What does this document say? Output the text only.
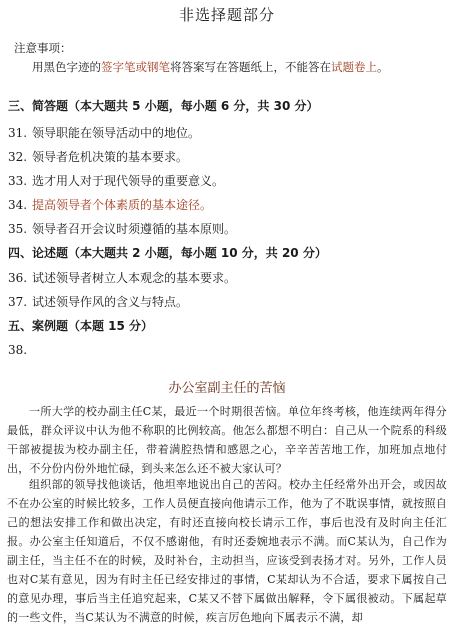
非选择题部分
注意事项：
用黑色字迹的签字笔或钢笔将答案写在答题纸上，不能答在试题卷上。
三、简答题（本大题共 5 小题，每小题 6 分，共 30 分）
31. 领导职能在领导活动中的地位。
32. 领导者危机决策的基本要求。
33. 选才用人对于现代领导的重要意义。
34. 提高领导者个体素质的基本途径。
35. 领导者召开会议时须遵循的基本原则。
四、论述题（本大题共 2 小题，每小题 10 分，共 20 分）
36. 试述领导者树立人本观念的基本要求。
37. 试述领导作风的含义与特点。
五、案例题（本题 15 分）
38.
办公室副主任的苦恼
一所大学的校办副主任C某，最近一个时期很苦恼。单位年终考核，他连续两年得分最低，群众评议中认为他不称职的比例较高。他怎么都想不明白：自己从一个院系的科级干部被提拔为校办副主任，带着满腔热情和感恩之心，辛辛苦苦地工作，加班加点地付出，不分份内份外地忙碌，到头来怎么还不被大家认可？
组织部的领导找他谈话，他坦率地说出自己的苦闷。校办主任经常外出开会，或因故不在办公室的时候比较多，工作人员便直接向他请示工作，他为了不耽误事情，就按照自己的想法安排工作和做出决定，有时还直接向校长请示工作，事后也没有及时向主任汇报。办公室主任知道后，不仅不感谢他，有时还委婉地表示不满。而C某认为，自己作为副主任，当主任不在的时候，及时补台，主动担当，应该受到表扬才对。另外，工作人员也对C某有意见，因为有时主任已经安排过的事情，C某却认为不合适，要求下属按自己的意见办理，事后当主任追究起来，C某又不替下属做出解释，令下属很被动。下属起草的一些文件，当C某认为不满意的时候，疾言厉色地向下属表示不满，却
